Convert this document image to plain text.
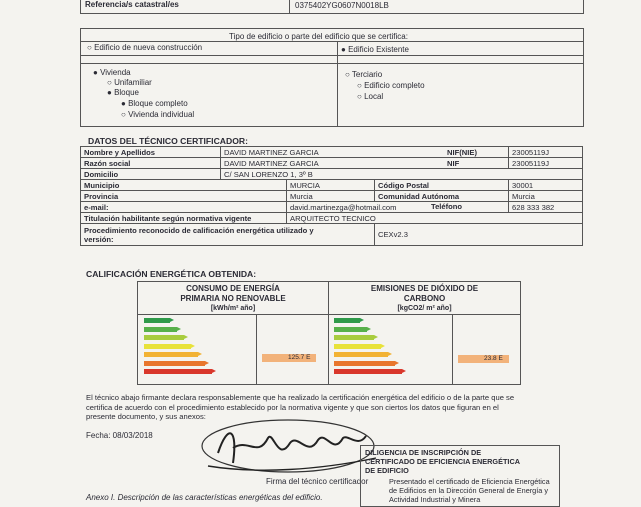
Referencia/s catastral/es	0375402YG0607N0018LB
Tipo de edificio o parte del edificio que se certifica:
○ Edificio de nueva construcción	● Edificio Existente
● Vivienda
○ Unifamiliar
● Bloque
● Bloque completo
○ Vivienda individual
○ Terciario
○ Edificio completo
○ Local
DATOS DEL TÉCNICO CERTIFICADOR:
Nombre y Apellidos	DAVID MARTINEZ GARCIA			NIF(NIE) 23005119J
Razón social	DAVID MARTINEZ GARCIA			NIF 23005119J
Domicilio	C/ SAN LORENZO 1, 3º B			
Municipio		MURCIA	Código Postal	30001
Provincia		Murcia	Comunidad Autónoma	Murcia
e-mail:		david.martinezga@hotmail.com Teléfono		628 333 382
Titulación habilitante según normativa vigente		ARQUITECTO TECNICO		
Procedimiento reconocido de calificación energética utilizado y
versión:			CEXv2.3	
CALIFICACIÓN ENERGÉTICA OBTENIDA:
CONSUMO DE ENERGÍA
PRIMARIA NO RENOVABLE
[kWh/m² año]
EMISIONES DE DIÓXIDO DE
CARBONO
[kgCO2/ m² año]
125.7 E	23.8 E
El técnico abajo firmante declara responsablemente que ha realizado la certificación energética del edificio o de la parte que se
certifica de acuerdo con el procedimiento establecido por la normativa vigente y que son ciertos los datos que figuran en el
presente documento, y sus anexos:
Fecha: 08/03/2018
Firma del técnico certificador
DILIGENCIA DE INSCRIPCIÓN DE
CERTIFICADO DE EFICIENCIA ENERGÉTICA
DE EDIFICIO
Presentado el certificado de Eficiencia Energética
de Edificios en la Dirección General de Energía y
Actividad Industrial y Minera
Anexo I. Descripción de las características energéticas del edificio.
